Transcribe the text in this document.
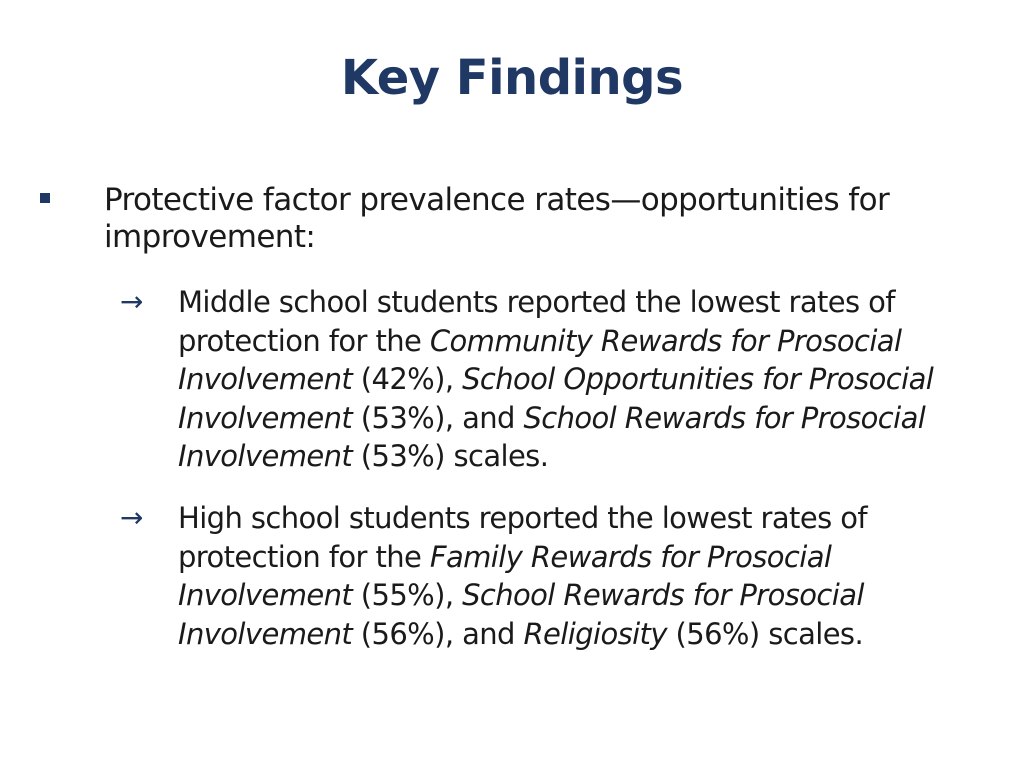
Key Findings
Protective factor prevalence rates—opportunities for improvement:
→	Middle school students reported the lowest rates of protection for the Community Rewards for Prosocial Involvement (42%), School Opportunities for Prosocial Involvement (53%), and School Rewards for Prosocial Involvement (53%) scales.
→	High school students reported the lowest rates of protection for the Family Rewards for Prosocial Involvement (55%), School Rewards for Prosocial Involvement (56%), and Religiosity (56%) scales.
